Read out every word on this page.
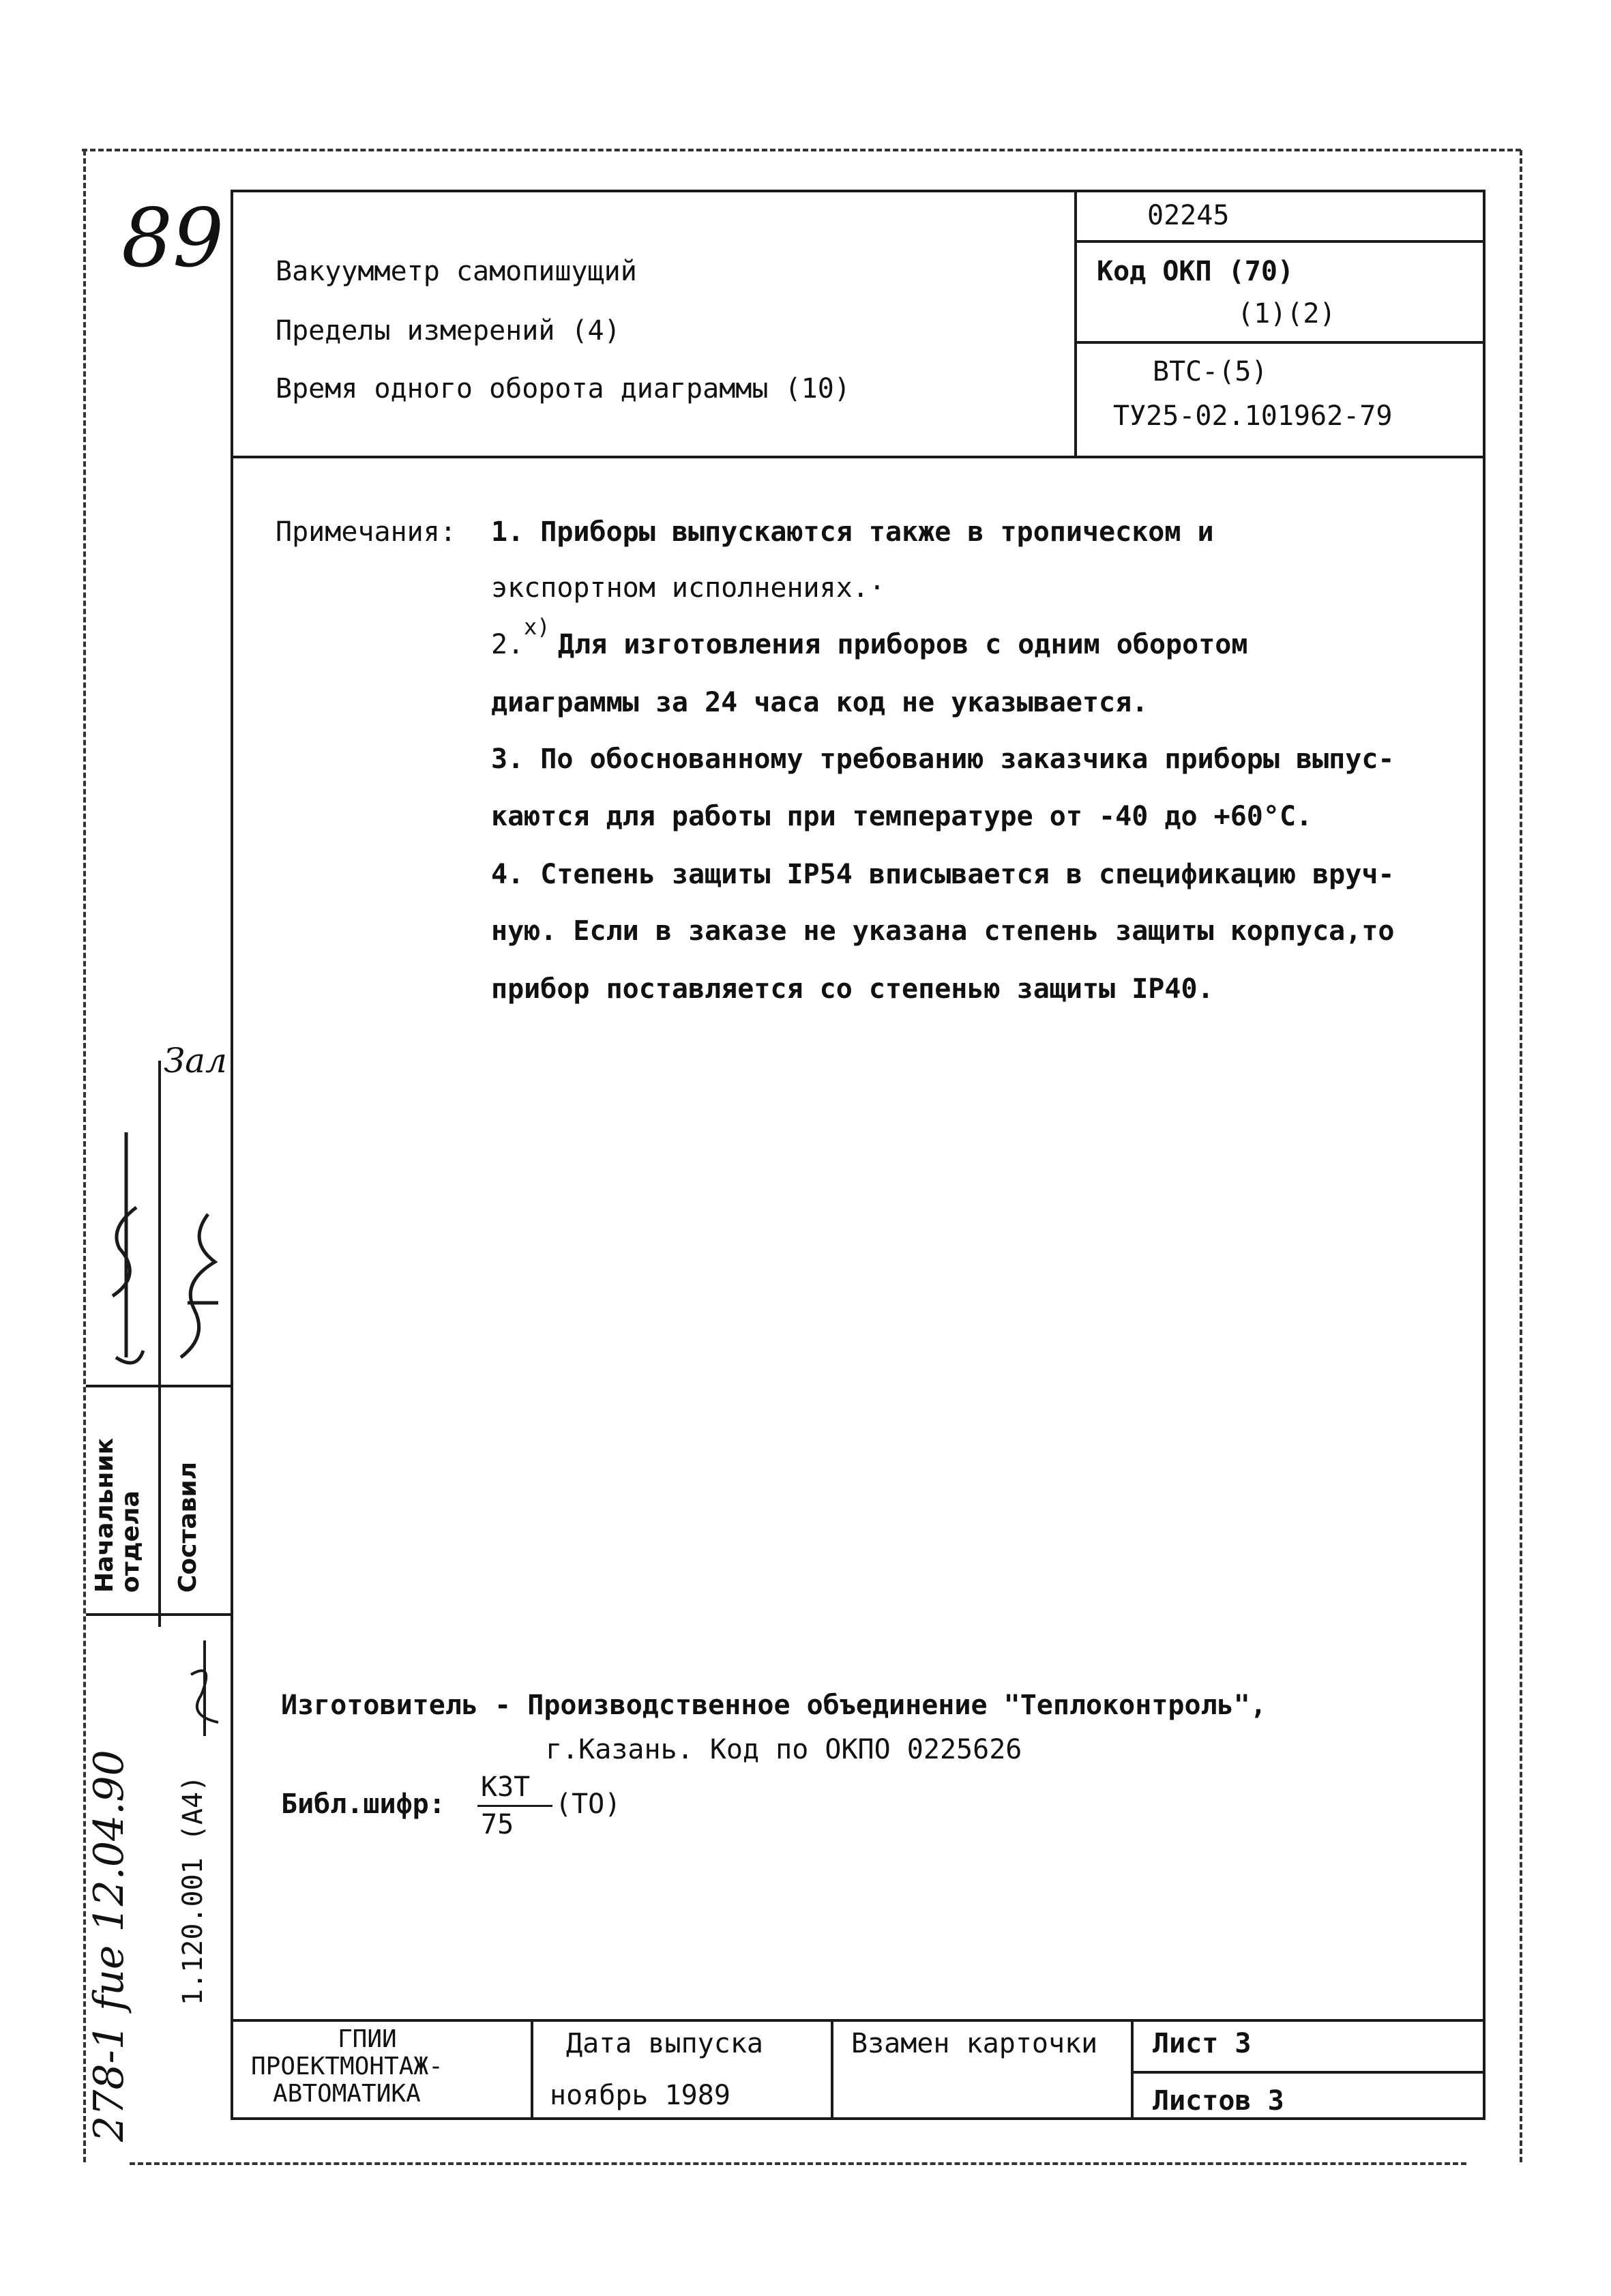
89 Вакуумметр самопишущий
Пределы измерений (4)
Время одного оборота диаграммы (10)
02245
Код ОКП (70)
(1)(2)
ВТС-(5)
ТУ25-02.101962-79
Примечания: 1. Приборы выпускаются также в тропическом и
экспортном исполнениях.·
2.
x)
Для изготовления приборов с одним оборотом
диаграммы за 24 часа код не указывается.
3. По обоснованному требованию заказчика приборы выпус-
каются для работы при температуре от -40 до +60°С.
4. Степень защиты IP54 вписывается в спецификацию вруч-
ную. Если в заказе не указана степень защиты корпуса,то
прибор поставляется со степенью защиты IP40.
Изготовитель - Производственное объединение "Теплоконтроль",
г.Казань. Код по ОКПО 0225626
Библ.шифр:
КЗТ
75
(ТО)
ГПИИ
ПРОЕКТМОНТАЖ-
АВТОМАТИКА
Дата выпуска
ноябрь 1989
Взамен карточки Лист 3
Листов 3
Начальник отдела Составил
1.120.001 (А4)
278-1 fue 12.04.90
Зал
